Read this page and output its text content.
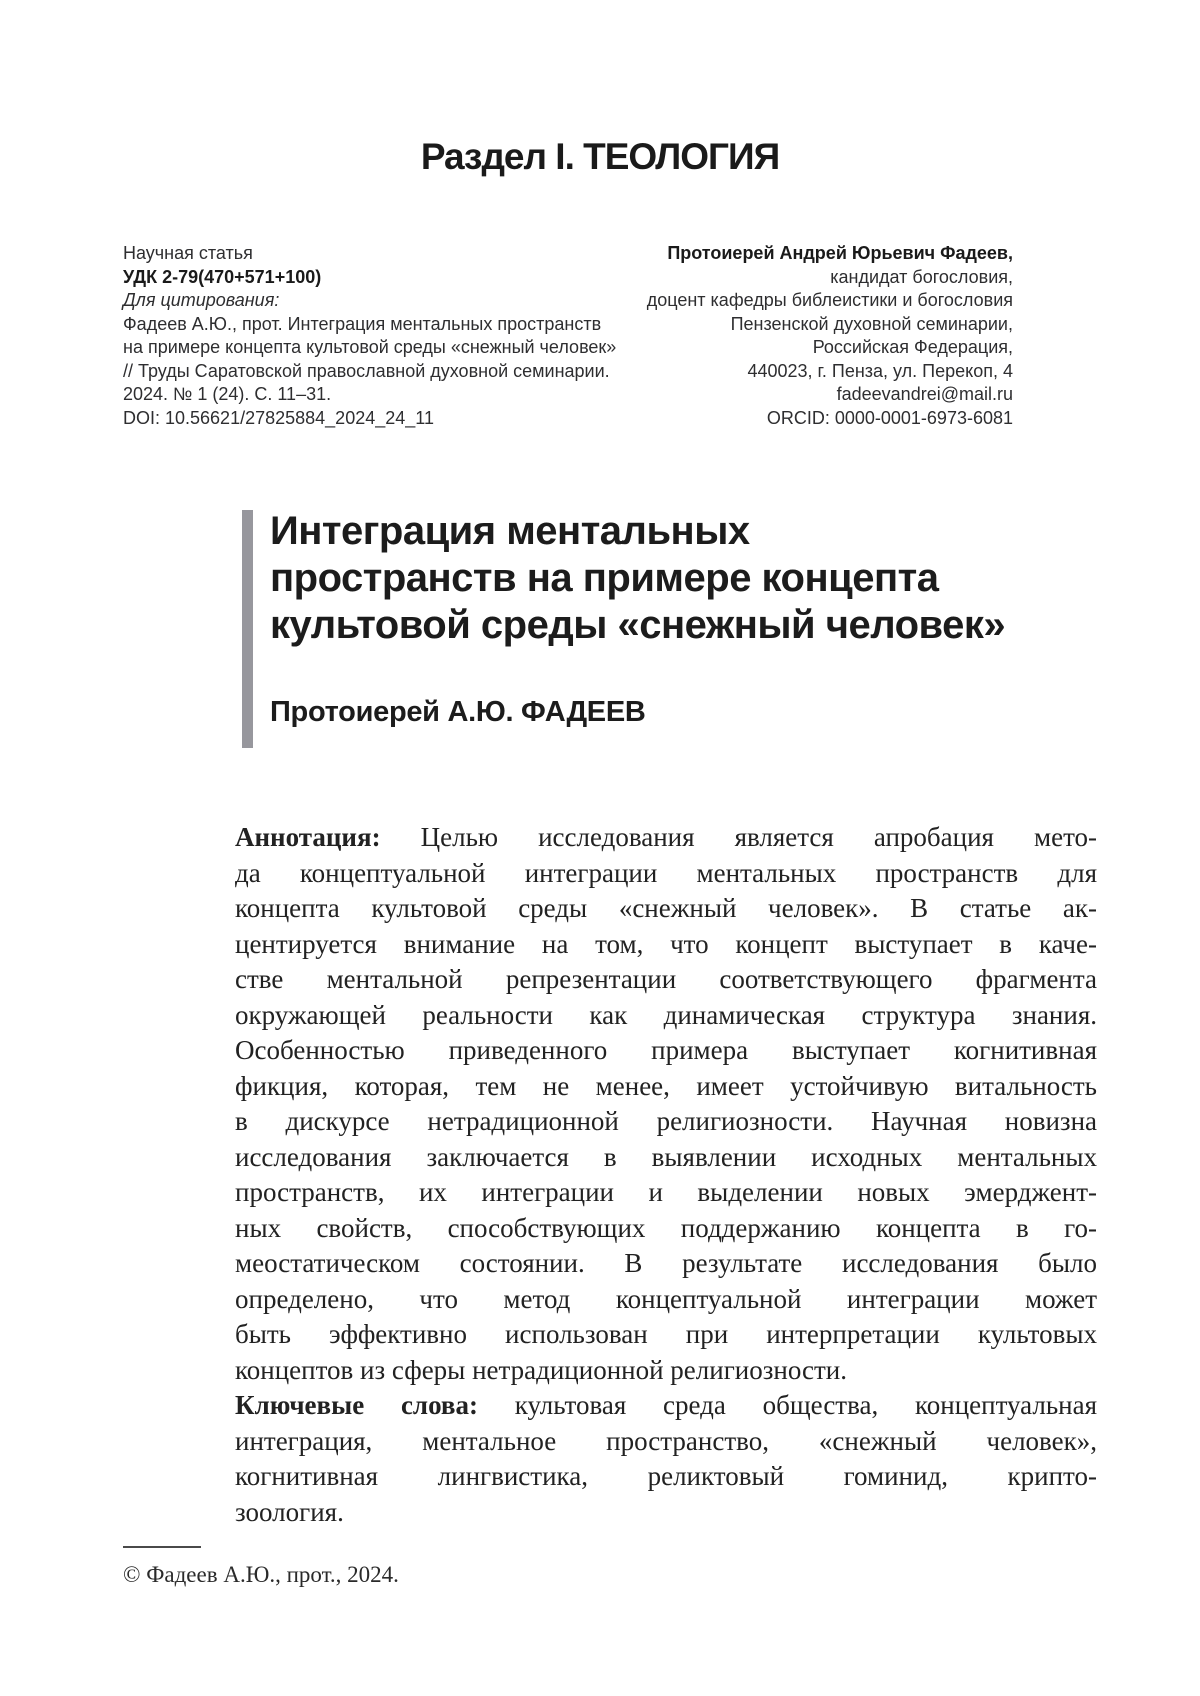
Раздел I. ТЕОЛОГИЯ
Научная статья
УДК 2-79(470+571+100)
Для цитирования:
Фадеев А.Ю., прот. Интеграция ментальных пространств
на примере концепта культовой среды «снежный человек»
// Труды Саратовской православной духовной семинарии.
2024. № 1 (24). С. 11–31.
DOI: 10.56621/27825884_2024_24_11
Протоиерей Андрей Юрьевич Фадеев,
кандидат богословия,
доцент кафедры библеистики и богословия
Пензенской духовной семинарии,
Российская Федерация,
440023, г. Пенза, ул. Перекоп, 4
fadeevandrei@mail.ru
ORCID: 0000-0001-6973-6081
Интеграция ментальных
пространств на примере концепта
культовой среды «снежный человек»
Протоиерей А.Ю. ФАДЕЕВ
Аннотация: Целью исследования является апробация мето-
да концептуальной интеграции ментальных пространств для
концепта культовой среды «снежный человек». В статье ак-
центируется внимание на том, что концепт выступает в каче-
стве ментальной репрезентации соответствующего фрагмента
окружающей реальности как динамическая структура знания.
Особенностью приведенного примера выступает когнитивная
фикция, которая, тем не менее, имеет устойчивую витальность
в дискурсе нетрадиционной религиозности. Научная новизна
исследования заключается в выявлении исходных ментальных
пространств, их интеграции и выделении новых эмерджент-
ных свойств, способствующих поддержанию концепта в го-
меостатическом состоянии. В результате исследования было
определено, что метод концептуальной интеграции может
быть эффективно использован при интерпретации культовых
концептов из сферы нетрадиционной религиозности.
Ключевые слова: культовая среда общества, концептуальная
интеграция, ментальное пространство, «снежный человек»,
когнитивная лингвистика, реликтовый гоминид, крипто-
зоология.
© Фадеев А.Ю., прот., 2024.
